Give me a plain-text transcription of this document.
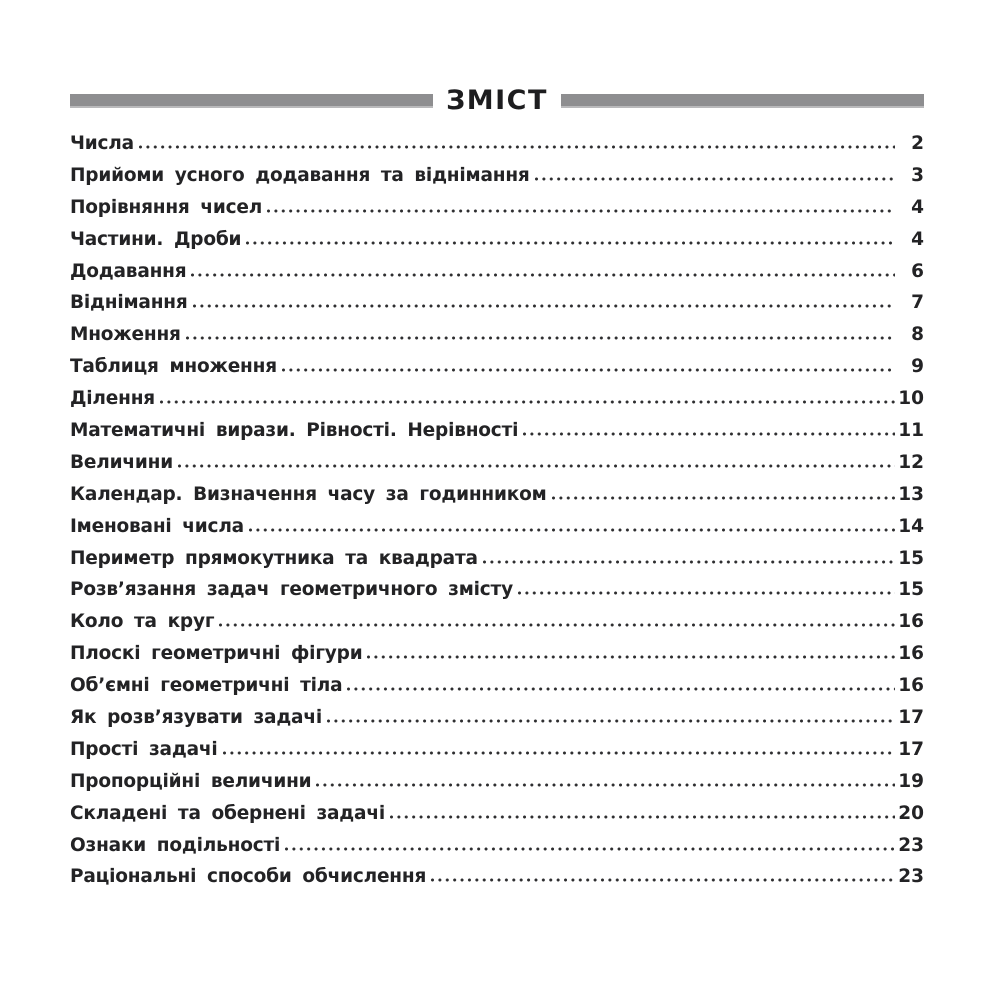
ЗМІСТ
Числа	2
Прийоми усного додавання та віднімання	3
Порівняння чисел	4
Частини. Дроби	4
Додавання	6
Віднімання	7
Множення	8
Таблиця множення	9
Ділення	10
Математичні вирази. Рівності. Нерівності	11
Величини	12
Календар. Визначення часу за годинником	13
Іменовані числа	14
Периметр прямокутника та квадрата	15
Розв’язання задач геометричного змісту	15
Коло та круг	16
Плоскі геометричні фігури	16
Об’ємні геометричні тіла	16
Як розв’язувати задачі	17
Прості задачі	17
Пропорційні величини	19
Складені та обернені задачі	20
Ознаки подільності	23
Раціональні способи обчислення	23
